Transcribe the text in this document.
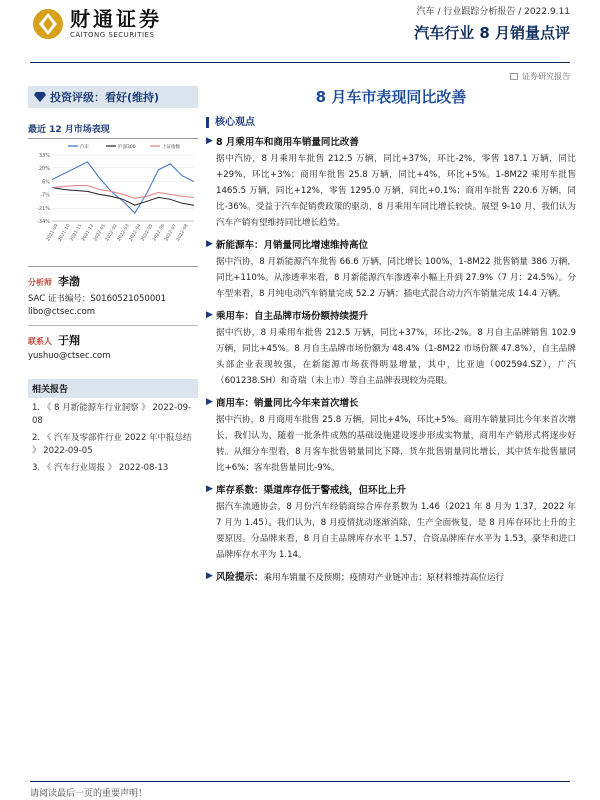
财通证券
CAITONG SECURITIES
汽车 / 行业跟踪分析报告 / 2022.9.11
汽车行业 8 月销量点评
证券研究报告
投资评级：看好(维持)
最近 12 月市场表现
汽车	沪深300	上证指数
33%
20%
6%
-7%
-21%
-34%
2021-09
2021-10
2021-11
2021-12
2022-01
2022-02
2022-03
2022-04
2022-05
2022-06
2022-07
2022-08
分析师 李渤
SAC 证书编号：S0160521050001
libo@ctsec.com
联系人 于翔
yushuo@ctsec.com
相关报告
1. 《 8 月新能源车行业洞察 》 2022-09-08
2. 《 汽车及零部件行业 2022 年中报总结 》 2022-09-05
3. 《 汽车行业周报 》 2022-08-13
8 月车市表现同比改善
核心观点
▶ 8 月乘用车和商用车销量同比改善
据中汽协，8 月乘用车批售 212.5 万辆，同比+37%，环比-2%，零售 187.1 万辆，同比+29%，环比+3%；商用车批售 25.8 万辆，同比+4%，环比+5%。1-8M22 乘用车批售 1465.5 万辆，同比+12%，零售 1295.0 万辆，同比+0.1%；商用车批售 220.6 万辆，同比-36%。受益于汽车促销费政策的驱动，8 月乘用车同比增长较快。展望 9-10 月，我们认为汽车产销有望维持同比增长趋势。
▶ 新能源车：月销量同比增速维持高位
据中汽协，8 月新能源汽车批售 66.6 万辆，同比增长 100%，1-8M22 批售销量 386 万辆，同比+110%。从渗透率来看，8 月新能源汽车渗透率小幅上升到 27.9%（7 月：24.5%）。分车型来看，8 月纯电动汽车销量完成 52.2 万辆；插电式混合动力汽车销量完成 14.4 万辆。
▶ 乘用车：自主品牌市场份额持续提升
据中汽协，8 月乘用车批售 212.5 万辆，同比+37%，环比-2%。8 月自主品牌销售 102.9 万辆，同比+45%。8 月自主品牌市场份额为 48.4%（1-8M22 市场份额 47.8%），自主品牌头部企业表现较强，在新能源市场获得明显增量，其中，比亚迪（002594.SZ），广汽（601238.SH）和奇瑞（未上市）等自主品牌表现较为亮眼。
▶ 商用车：销量同比今年来首次增长
据中汽协，8 月商用车批售 25.8 万辆，同比+4%，环比+5%。商用车销量同比今年来首次增长，我们认为，随着一批条件成熟的基础设施建设逐步形成实物量，商用车产销形式将逐步好转。从细分车型看，8 月客车批售销量同比下降，货车批售销量同比增长，其中货车批售量同比+6%；客车批售量同比-9%。
▶ 库存系数：渠道库存低于警戒线，但环比上升
据汽车流通协会，8 月份汽车经销商综合库存系数为 1.46（2021 年 8 月为 1.37，2022 年 7 月为 1.45）。我们认为，8 月疫情扰动逐渐消除，生产全面恢复，是 8 月库存环比上升的主要原因。分品牌来看，8 月自主品牌库存水平 1.57，合资品牌库存水平为 1.53，豪华和进口品牌库存水平为 1.14。
▶ 风险提示：乘用车销量不及预期；疫情对产业链冲击；原材料维持高位运行
请阅读最后一页的重要声明！
